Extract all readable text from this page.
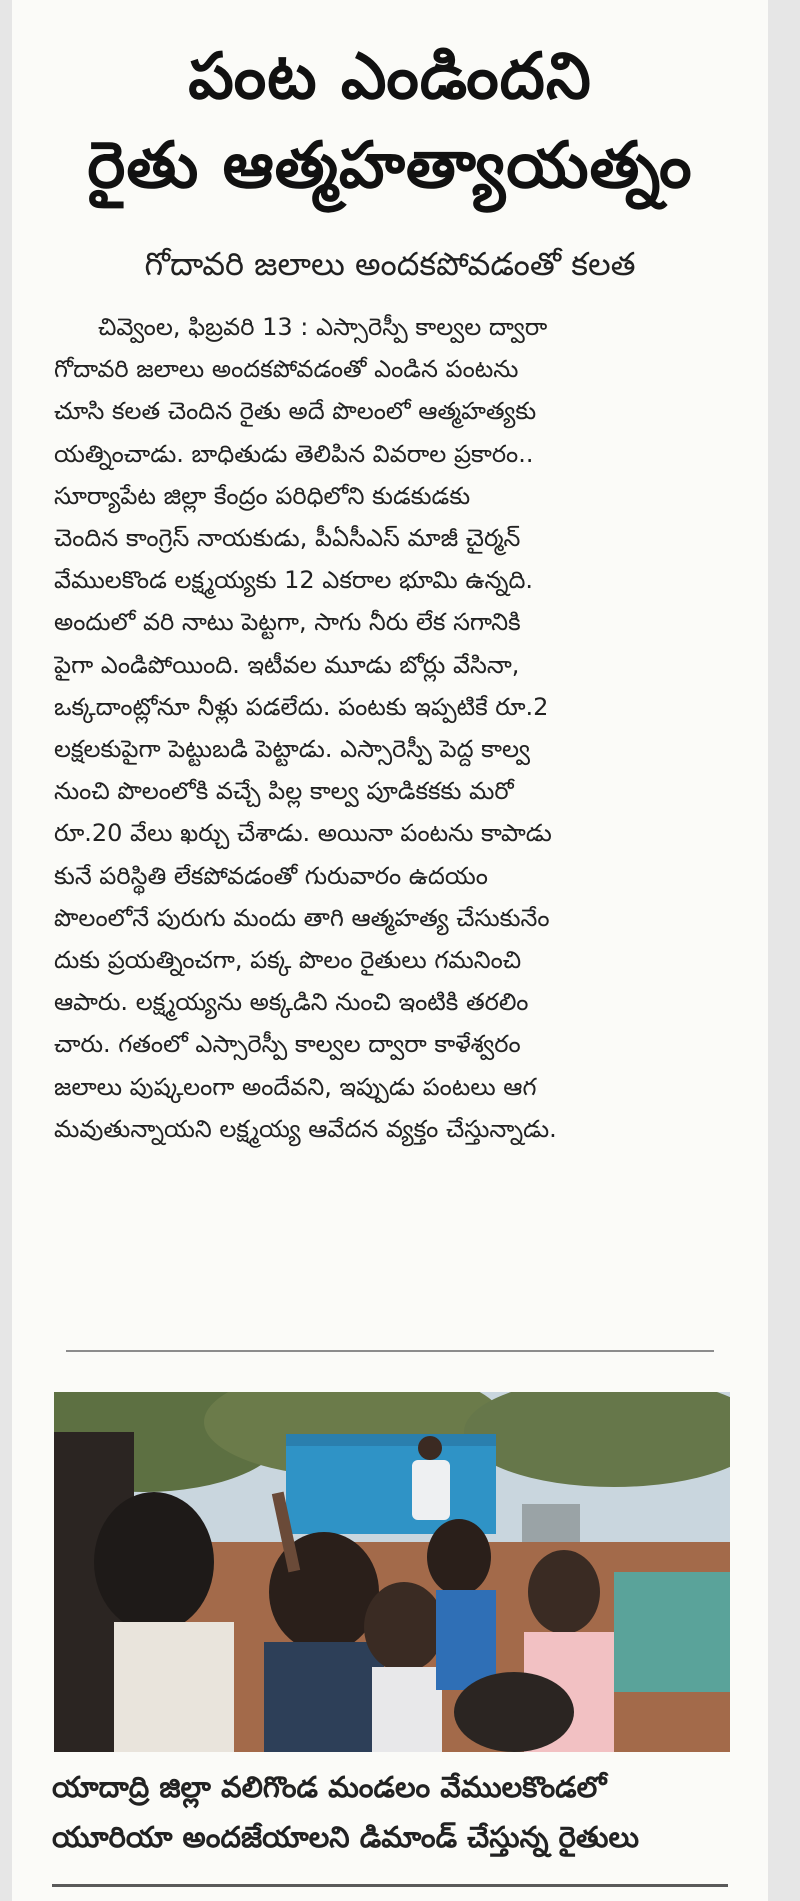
పంట ఎండిందని
రైతు ఆత్మహత్యాయత్నం
గోదావరి జలాలు అందకపోవడంతో కలత
చివ్వెంల, ఫిబ్రవరి 13 : ఎస్సారెస్పీ కాల్వల ద్వారా
గోదావరి జలాలు అందకపోవడంతో ఎండిన పంటను
చూసి కలత చెందిన రైతు అదే పొలంలో ఆత్మహత్యకు
యత్నించాడు. బాధితుడు తెలిపిన వివరాల ప్రకారం..
సూర్యాపేట జిల్లా కేంద్రం పరిధిలోని కుడకుడకు
చెందిన కాంగ్రెస్ నాయకుడు, పీఏసీఎస్ మాజీ చైర్మన్
వేములకొండ లక్ష్మయ్యకు 12 ఎకరాల భూమి ఉన్నది.
అందులో వరి నాటు పెట్టగా, సాగు నీరు లేక సగానికి
పైగా ఎండిపోయింది. ఇటీవల మూడు బోర్లు వేసినా,
ఒక్కదాంట్లోనూ నీళ్లు పడలేదు. పంటకు ఇప్పటికే రూ.2
లక్షలకుపైగా పెట్టుబడి పెట్టాడు. ఎస్సారెస్పీ పెద్ద కాల్వ
నుంచి పొలంలోకి వచ్చే పిల్ల కాల్వ పూడికకకు మరో
రూ.20 వేలు ఖర్చు చేశాడు. అయినా పంటను కాపాడు
కునే పరిస్థితి లేకపోవడంతో గురువారం ఉదయం
పొలంలోనే పురుగు మందు తాగి ఆత్మహత్య చేసుకునేం
దుకు ప్రయత్నించగా, పక్క పొలం రైతులు గమనించి
ఆపారు. లక్ష్మయ్యను అక్కడిని నుంచి ఇంటికి తరలిం
చారు. గతంలో ఎస్సారెస్పీ కాల్వల ద్వారా కాళేశ్వరం
జలాలు పుష్కలంగా అందేవని, ఇప్పుడు పంటలు ఆగ
మవుతున్నాయని లక్ష్మయ్య ఆవేదన వ్యక్తం చేస్తున్నాడు.
యాదాద్రి జిల్లా వలిగొండ మండలం వేములకొండలో
యూరియా అందజేయాలని డిమాండ్ చేస్తున్న రైతులు
